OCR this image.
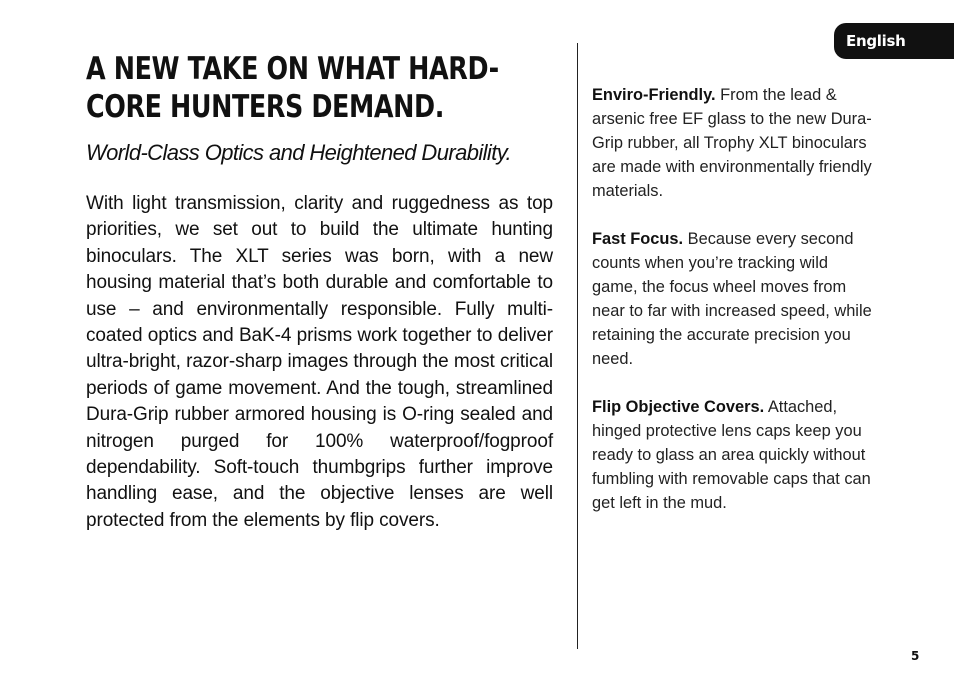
English
A NEW TAKE ON WHAT HARD-CORE HUNTERS DEMAND.

World-Class Optics and Heightened Durability.

With light transmission, clarity and ruggedness as top priorities, we set out to build the ultimate hunting binoculars. The XLT series was born, with a new housing material that’s both durable and comfortable to use – and environmentally responsible. Fully multi-coated optics and BaK-4 prisms work together to deliver ultra-bright, razor-sharp images through the most critical periods of game movement. And the tough, streamlined Dura-Grip rubber armored housing is O-ring sealed and nitrogen purged for 100% waterproof/fogproof dependability. Soft-touch thumbgrips further improve handling ease, and the objective lenses are well protected from the elements by flip covers.

Enviro-Friendly. From the lead & arsenic free EF glass to the new Dura-Grip rubber, all Trophy XLT binoculars are made with environmentally friendly materials.

Fast Focus. Because every second counts when you’re tracking wild game, the focus wheel moves from near to far with increased speed, while retaining the accurate precision you need.

Flip Objective Covers. Attached, hinged protective lens caps keep you ready to glass an area quickly without fumbling with removable caps that can get left in the mud.

5
